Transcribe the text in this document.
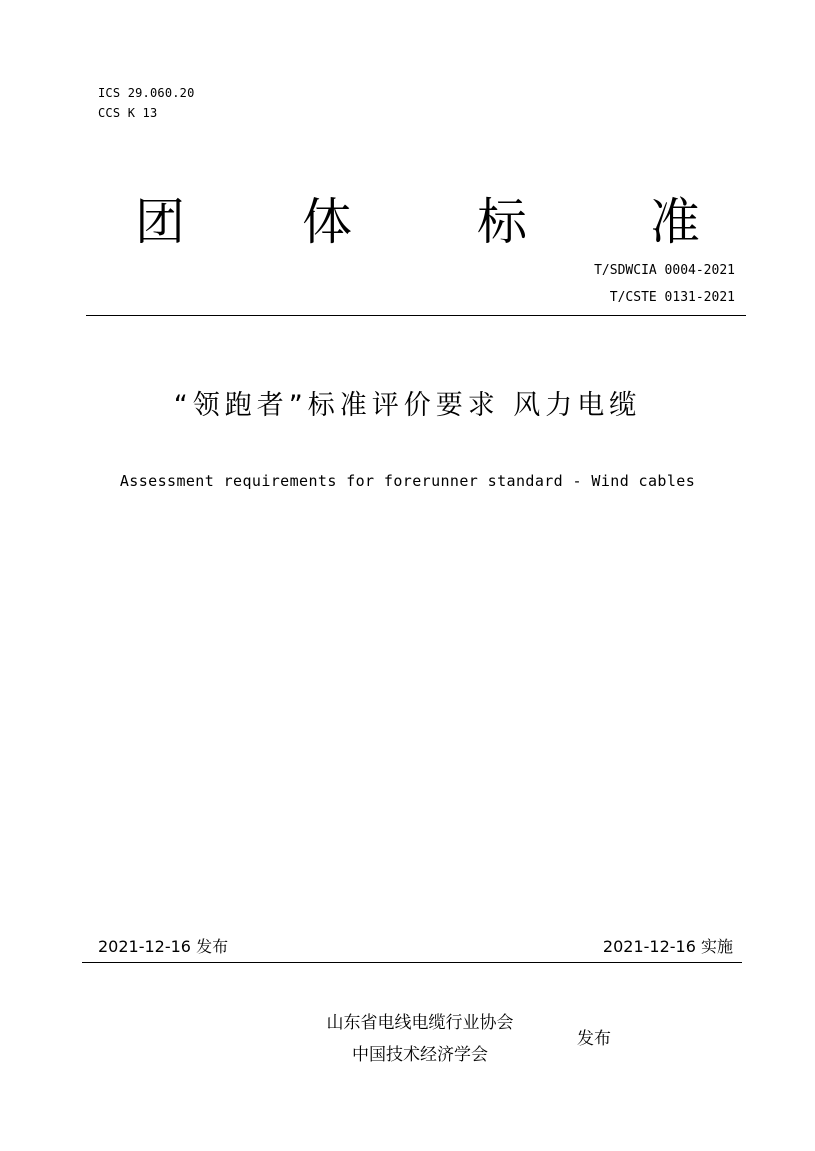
ICS 29.060.20
CCS K 13
团 体	标 准
T/SDWCIA 0004-2021
T/CSTE 0131-2021
“领跑者”标准评价要求 风力电缆
Assessment requirements for forerunner standard - Wind cables
2021-12-16 发布	2021-12-16 实施
山东省电线电缆行业协会
中国技术经济学会
发布
